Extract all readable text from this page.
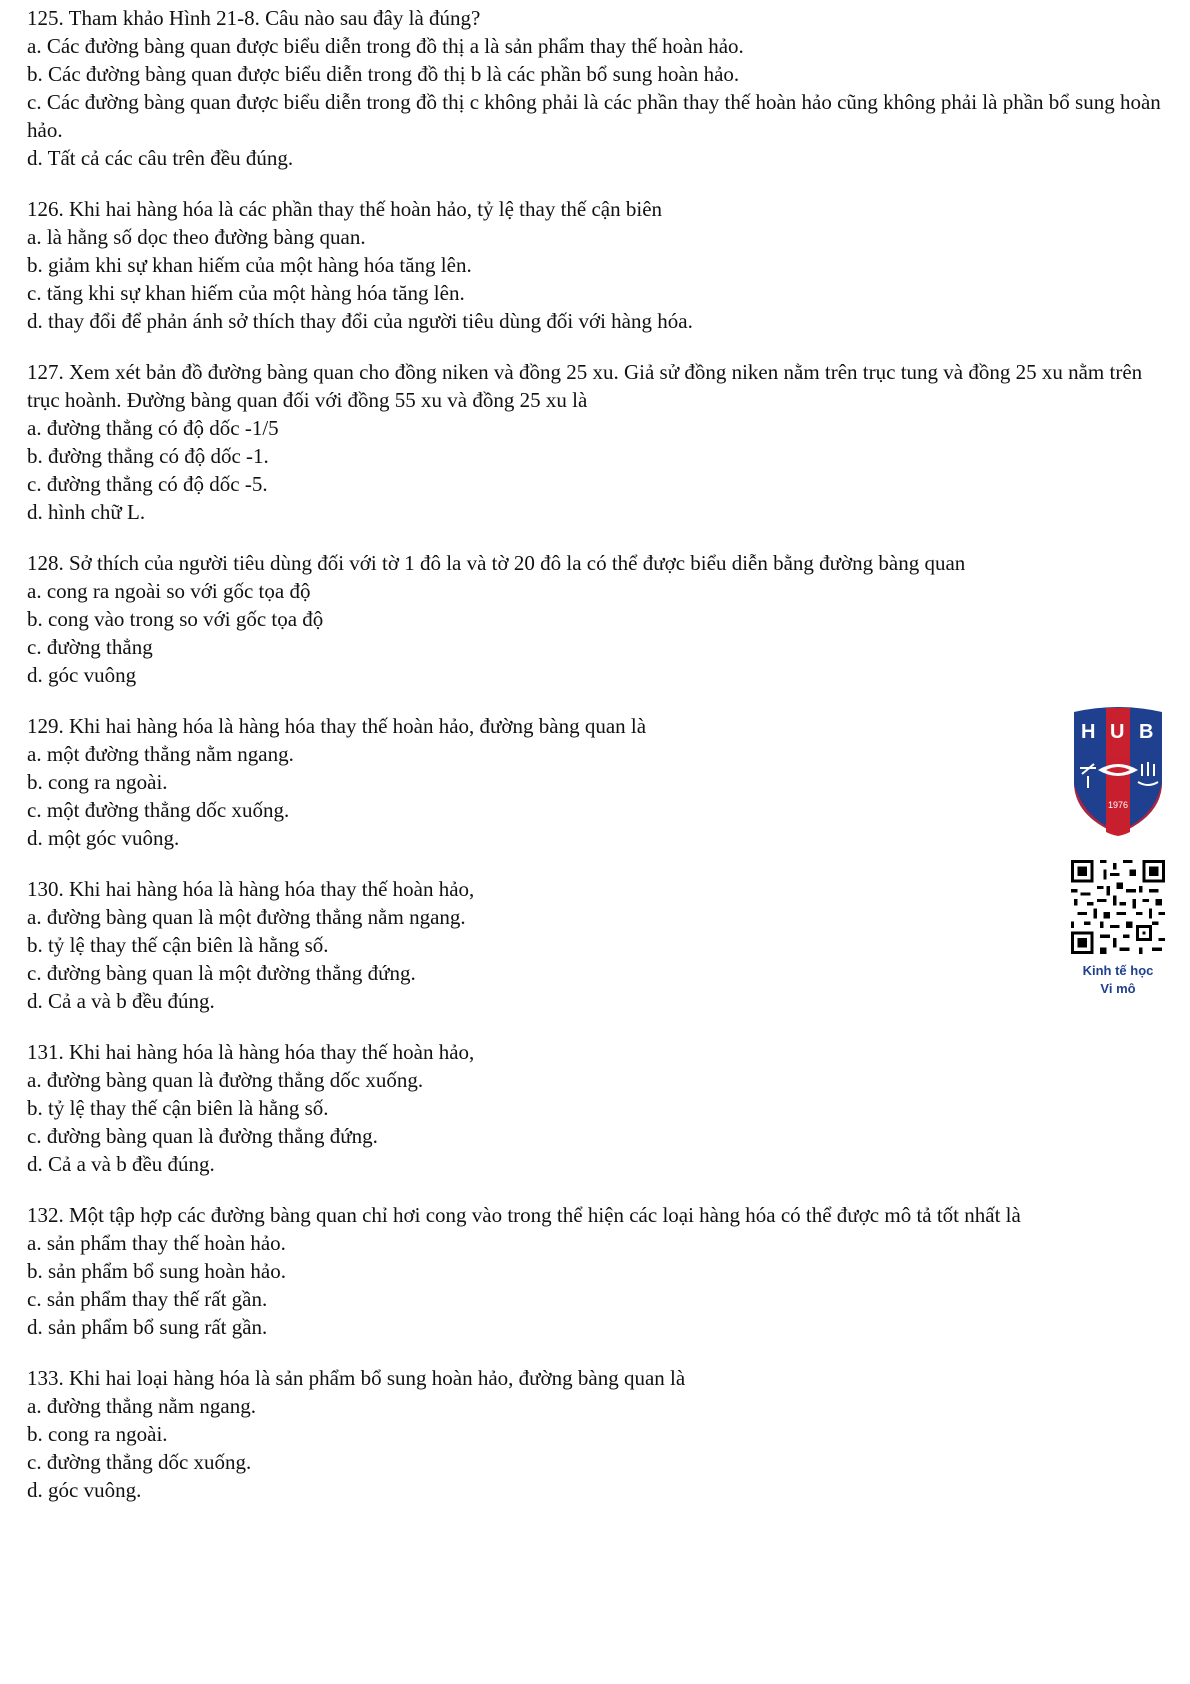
125. Tham khảo Hình 21-8. Câu nào sau đây là đúng?

a. Các đường bàng quan được biểu diễn trong đồ thị a là sản phẩm thay thế hoàn hảo.

b. Các đường bàng quan được biểu diễn trong đồ thị b là các phần bổ sung hoàn hảo.

c. Các đường bàng quan được biểu diễn trong đồ thị c không phải là các phần thay thế hoàn hảo cũng không phải là phần bổ sung hoàn hảo.

d. Tất cả các câu trên đều đúng.

126. Khi hai hàng hóa là các phần thay thế hoàn hảo, tỷ lệ thay thế cận biên

a. là hằng số dọc theo đường bàng quan.

b. giảm khi sự khan hiếm của một hàng hóa tăng lên.

c. tăng khi sự khan hiếm của một hàng hóa tăng lên.

d. thay đổi để phản ánh sở thích thay đổi của người tiêu dùng đối với hàng hóa.

127. Xem xét bản đồ đường bàng quan cho đồng niken và đồng 25 xu. Giả sử đồng niken nằm trên trục tung và đồng 25 xu nằm trên trục hoành. Đường bàng quan đối với đồng 55 xu và đồng 25 xu là

a. đường thẳng có độ dốc -1/5

b. đường thẳng có độ dốc -1.

c. đường thẳng có độ dốc -5.

d. hình chữ L.

128. Sở thích của người tiêu dùng đối với tờ 1 đô la và tờ 20 đô la có thể được biểu diễn bằng đường bàng quan

a. cong ra ngoài so với gốc tọa độ

b. cong vào trong so với gốc tọa độ

c. đường thẳng

d. góc vuông

129. Khi hai hàng hóa là hàng hóa thay thế hoàn hảo, đường bàng quan là

a. một đường thẳng nằm ngang.

b. cong ra ngoài.

c. một đường thẳng dốc xuống.

d. một góc vuông.

130. Khi hai hàng hóa là hàng hóa thay thế hoàn hảo,

a. đường bàng quan là một đường thẳng nằm ngang.

b. tỷ lệ thay thế cận biên là hằng số.

c. đường bàng quan là một đường thẳng đứng.

d. Cả a và b đều đúng.

131. Khi hai hàng hóa là hàng hóa thay thế hoàn hảo,

a. đường bàng quan là đường thẳng dốc xuống.

b. tỷ lệ thay thế cận biên là hằng số.

c. đường bàng quan là đường thẳng đứng.

d. Cả a và b đều đúng.

132. Một tập hợp các đường bàng quan chỉ hơi cong vào trong thể hiện các loại hàng hóa có thể được mô tả tốt nhất là

a. sản phẩm thay thế hoàn hảo.

b. sản phẩm bổ sung hoàn hảo.

c. sản phẩm thay thế rất gần.

d. sản phẩm bổ sung rất gần.

133. Khi hai loại hàng hóa là sản phẩm bổ sung hoàn hảo, đường bàng quan là

a. đường thẳng nằm ngang.

b. cong ra ngoài.

c. đường thẳng dốc xuống.

d. góc vuông.

H U B
1976
Kinh tế học
Vi mô
